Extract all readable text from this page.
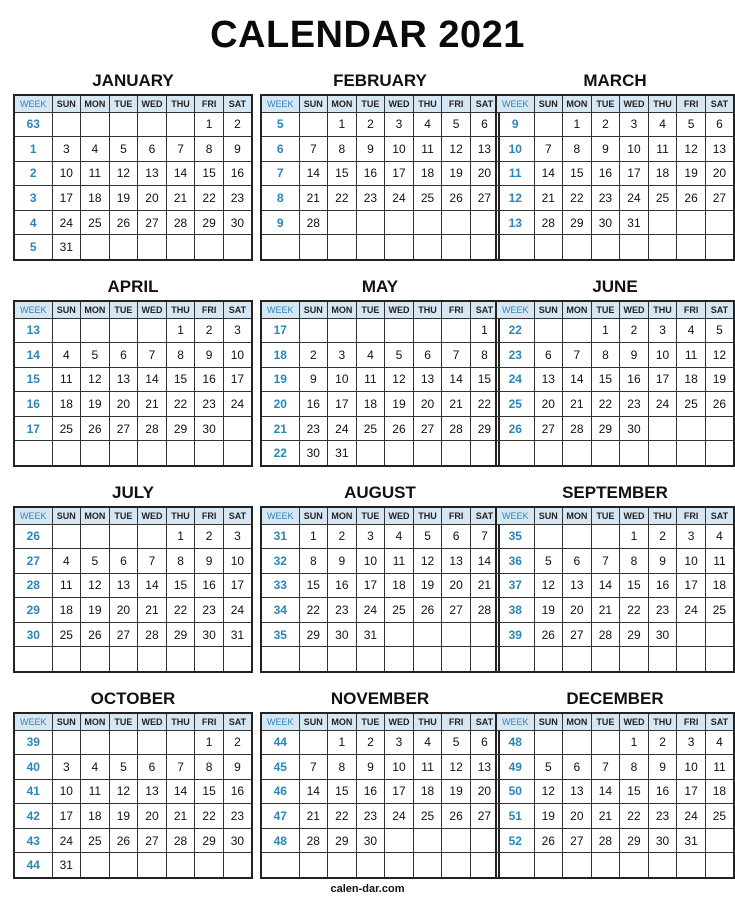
CALENDAR 2021
JANUARY
WEEK	SUN	MON	TUE	WED	THU	FRI	SAT
63						1	2
1	3	4	5	6	7	8	9
2	10	11	12	13	14	15	16
3	17	18	19	20	21	22	23
4	24	25	26	27	28	29	30
5	31						
FEBRUARY
WEEK	SUN	MON	TUE	WED	THU	FRI	SAT
5		1	2	3	4	5	6
6	7	8	9	10	11	12	13
7	14	15	16	17	18	19	20
8	21	22	23	24	25	26	27
9	28						

MARCH
WEEK	SUN	MON	TUE	WED	THU	FRI	SAT
9		1	2	3	4	5	6
10	7	8	9	10	11	12	13
11	14	15	16	17	18	19	20
12	21	22	23	24	25	26	27
13	28	29	30	31			

APRIL
WEEK	SUN	MON	TUE	WED	THU	FRI	SAT
13					1	2	3
14	4	5	6	7	8	9	10
15	11	12	13	14	15	16	17
16	18	19	20	21	22	23	24
17	25	26	27	28	29	30	

MAY
WEEK	SUN	MON	TUE	WED	THU	FRI	SAT
17							1
18	2	3	4	5	6	7	8
19	9	10	11	12	13	14	15
20	16	17	18	19	20	21	22
21	23	24	25	26	27	28	29
22	30	31					
JUNE
WEEK	SUN	MON	TUE	WED	THU	FRI	SAT
22			1	2	3	4	5
23	6	7	8	9	10	11	12
24	13	14	15	16	17	18	19
25	20	21	22	23	24	25	26
26	27	28	29	30			

JULY
WEEK	SUN	MON	TUE	WED	THU	FRI	SAT
26					1	2	3
27	4	5	6	7	8	9	10
28	11	12	13	14	15	16	17
29	18	19	20	21	22	23	24
30	25	26	27	28	29	30	31

AUGUST
WEEK	SUN	MON	TUE	WED	THU	FRI	SAT
31	1	2	3	4	5	6	7
32	8	9	10	11	12	13	14
33	15	16	17	18	19	20	21
34	22	23	24	25	26	27	28
35	29	30	31				

SEPTEMBER
WEEK	SUN	MON	TUE	WED	THU	FRI	SAT
35				1	2	3	4
36	5	6	7	8	9	10	11
37	12	13	14	15	16	17	18
38	19	20	21	22	23	24	25
39	26	27	28	29	30		

OCTOBER
WEEK	SUN	MON	TUE	WED	THU	FRI	SAT
39						1	2
40	3	4	5	6	7	8	9
41	10	11	12	13	14	15	16
42	17	18	19	20	21	22	23
43	24	25	26	27	28	29	30
44	31						
NOVEMBER
WEEK	SUN	MON	TUE	WED	THU	FRI	SAT
44		1	2	3	4	5	6
45	7	8	9	10	11	12	13
46	14	15	16	17	18	19	20
47	21	22	23	24	25	26	27
48	28	29	30				

DECEMBER
WEEK	SUN	MON	TUE	WED	THU	FRI	SAT
48				1	2	3	4
49	5	6	7	8	9	10	11
50	12	13	14	15	16	17	18
51	19	20	21	22	23	24	25
52	26	27	28	29	30	31	

calen-dar.com
